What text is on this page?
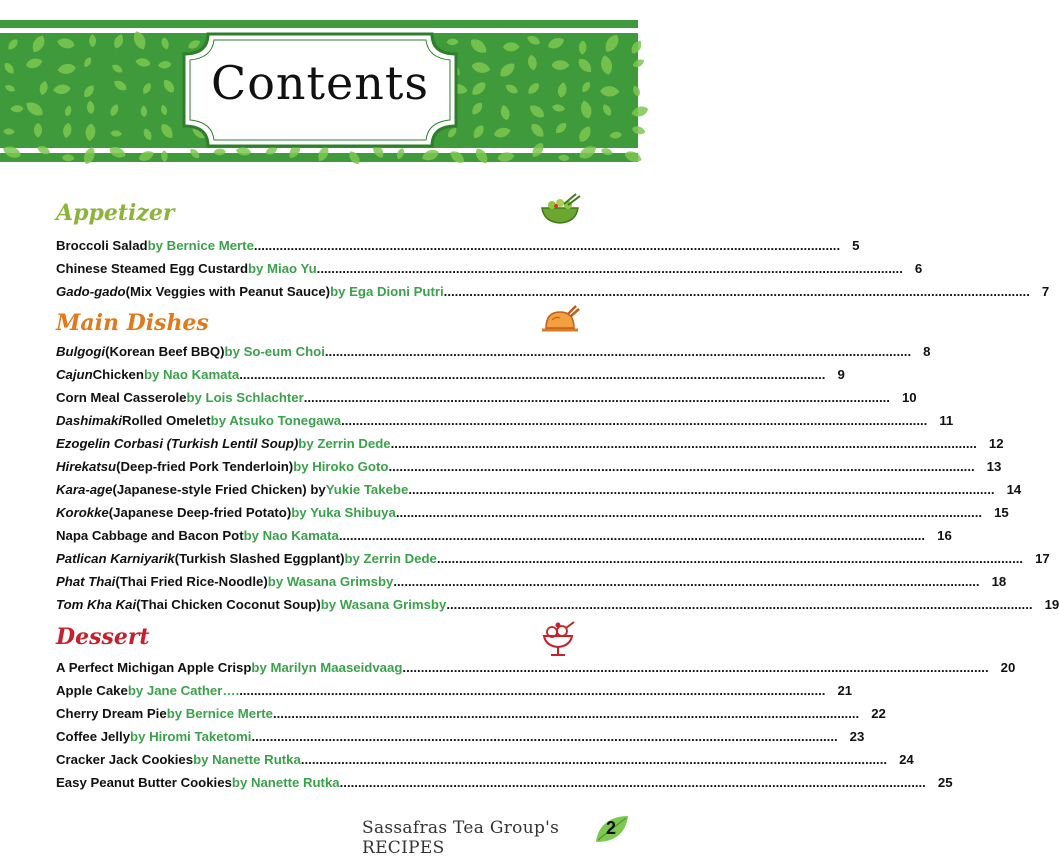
Contents
Appetizer
Broccoli Salad by Bernice Merte ................................................................................................................................................................ 5
Chinese Steamed Egg Custard by Miao Yu ................................................................................................................................................................ 6
Gado-gado (Mix Veggies with Peanut Sauce) by Ega Dioni Putri ................................................................................................................................................................ 7
Main Dishes
Bulgogi (Korean Beef BBQ) by So-eum Choi ................................................................................................................................................................ 8
Cajun Chicken by Nao Kamata ................................................................................................................................................................ 9
Corn Meal Casserole by Lois Schlachter ................................................................................................................................................................ 10
Dashimaki Rolled Omelet by Atsuko Tonegawa ................................................................................................................................................................ 11
Ezogelin Corbasi (Turkish Lentil Soup) by Zerrin Dede ................................................................................................................................................................ 12
Hirekatsu (Deep-fried Pork Tenderloin) by Hiroko Goto ................................................................................................................................................................ 13
Kara-age (Japanese-style Fried Chicken) by Yukie Takebe ................................................................................................................................................................ 14
Korokke (Japanese Deep-fried Potato) by Yuka Shibuya ................................................................................................................................................................ 15
Napa Cabbage and Bacon Pot by Nao Kamata ................................................................................................................................................................ 16
Patlican Karniyarik (Turkish Slashed Eggplant) by Zerrin Dede ................................................................................................................................................................ 17
Phat Thai (Thai Fried Rice-Noodle) by Wasana Grimsby ................................................................................................................................................................ 18
Tom Kha Kai (Thai Chicken Coconut Soup) by Wasana Grimsby ................................................................................................................................................................ 19
Dessert
A Perfect Michigan Apple Crisp by Marilyn Maaseidvaag ................................................................................................................................................................ 20
Apple Cake by Jane Cather…. ................................................................................................................................................................ 21
Cherry Dream Pie by Bernice Merte ................................................................................................................................................................ 22
Coffee Jelly by Hiromi Taketomi ................................................................................................................................................................ 23
Cracker Jack Cookies by Nanette Rutka ................................................................................................................................................................ 24
Easy Peanut Butter Cookies by Nanette Rutka ................................................................................................................................................................ 25
Sassafras Tea Group's RECIPES
2
